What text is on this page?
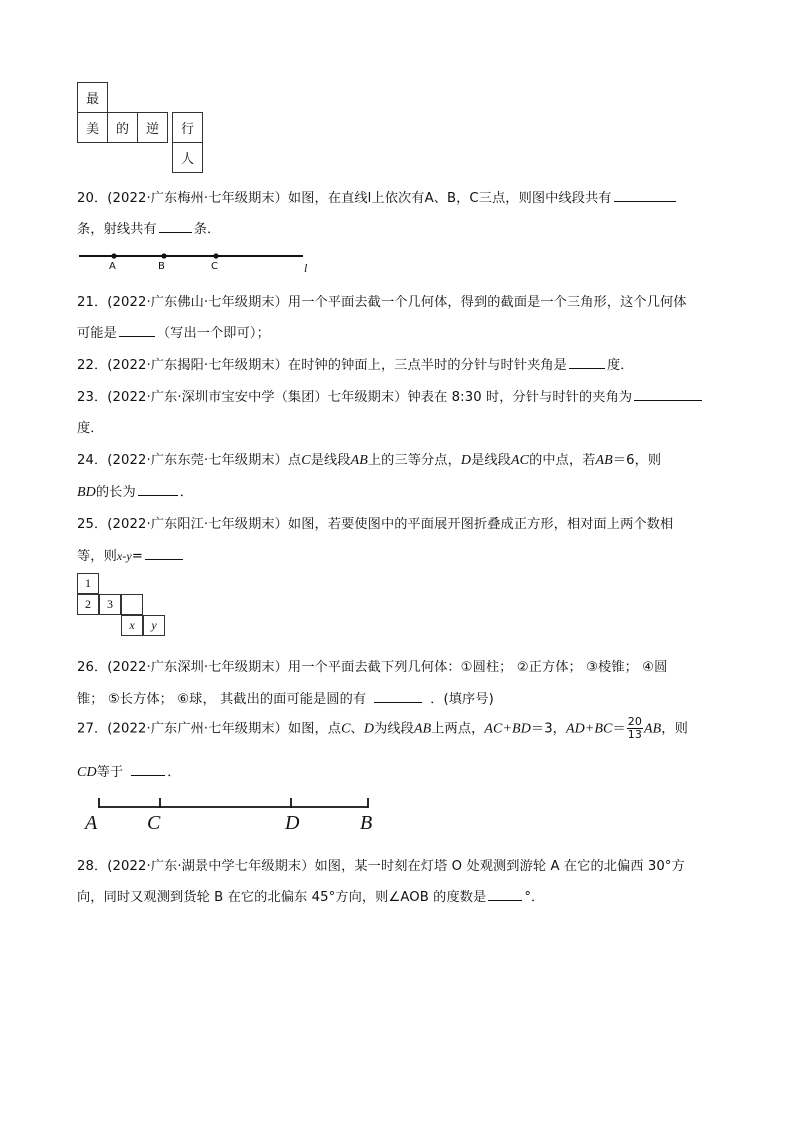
最
美	的	逆	行
人
20．(2022·广东梅州·七年级期末）如图，在直线l上依次有A、B，C三点，则图中线段共有
条，射线共有	条．
A	B	C	l
21．(2022·广东佛山·七年级期末）用一个平面去截一个几何体，得到的截面是一个三角形，这个几何体
可能是	（写出一个即可）；
22．(2022·广东揭阳·七年级期末）在时钟的钟面上，三点半时的分针与时针夹角是	度．
23．(2022·广东·深圳市宝安中学（集团）七年级期末）钟表在 8:30 时，分针与时针的夹角为
度．
24．(2022·广东东莞·七年级期末）点C是线段AB上的三等分点，D是线段AC的中点，若AB＝6，则
BD的长为	．
25．(2022·广东阳江·七年级期末）如图，若要使图中的平面展开图折叠成正方形，相对面上两个数相
等，则x-y=
1
2	3
x	y
26．(2022·广东深圳·七年级期末）用一个平面去截下列几何体：①圆柱； ②正方体； ③棱锥； ④圆
锥； ⑤长方体； ⑥球， 其截出的面可能是圆的有	．(填序号)
27．(2022·广东广州·七年级期末）如图，点C、D为线段AB上两点，AC+BD＝3，$AD+BC= \frac{20}{13}$ AB，则
CD等于	．
A C	D	B
28．(2022·广东·湖景中学七年级期末）如图，某一时刻在灯塔 O 处观测到游轮 A 在它的北偏西 30°方
向，同时又观测到货轮 B 在它的北偏东 45°方向，则∠AOB 的度数是	°．
